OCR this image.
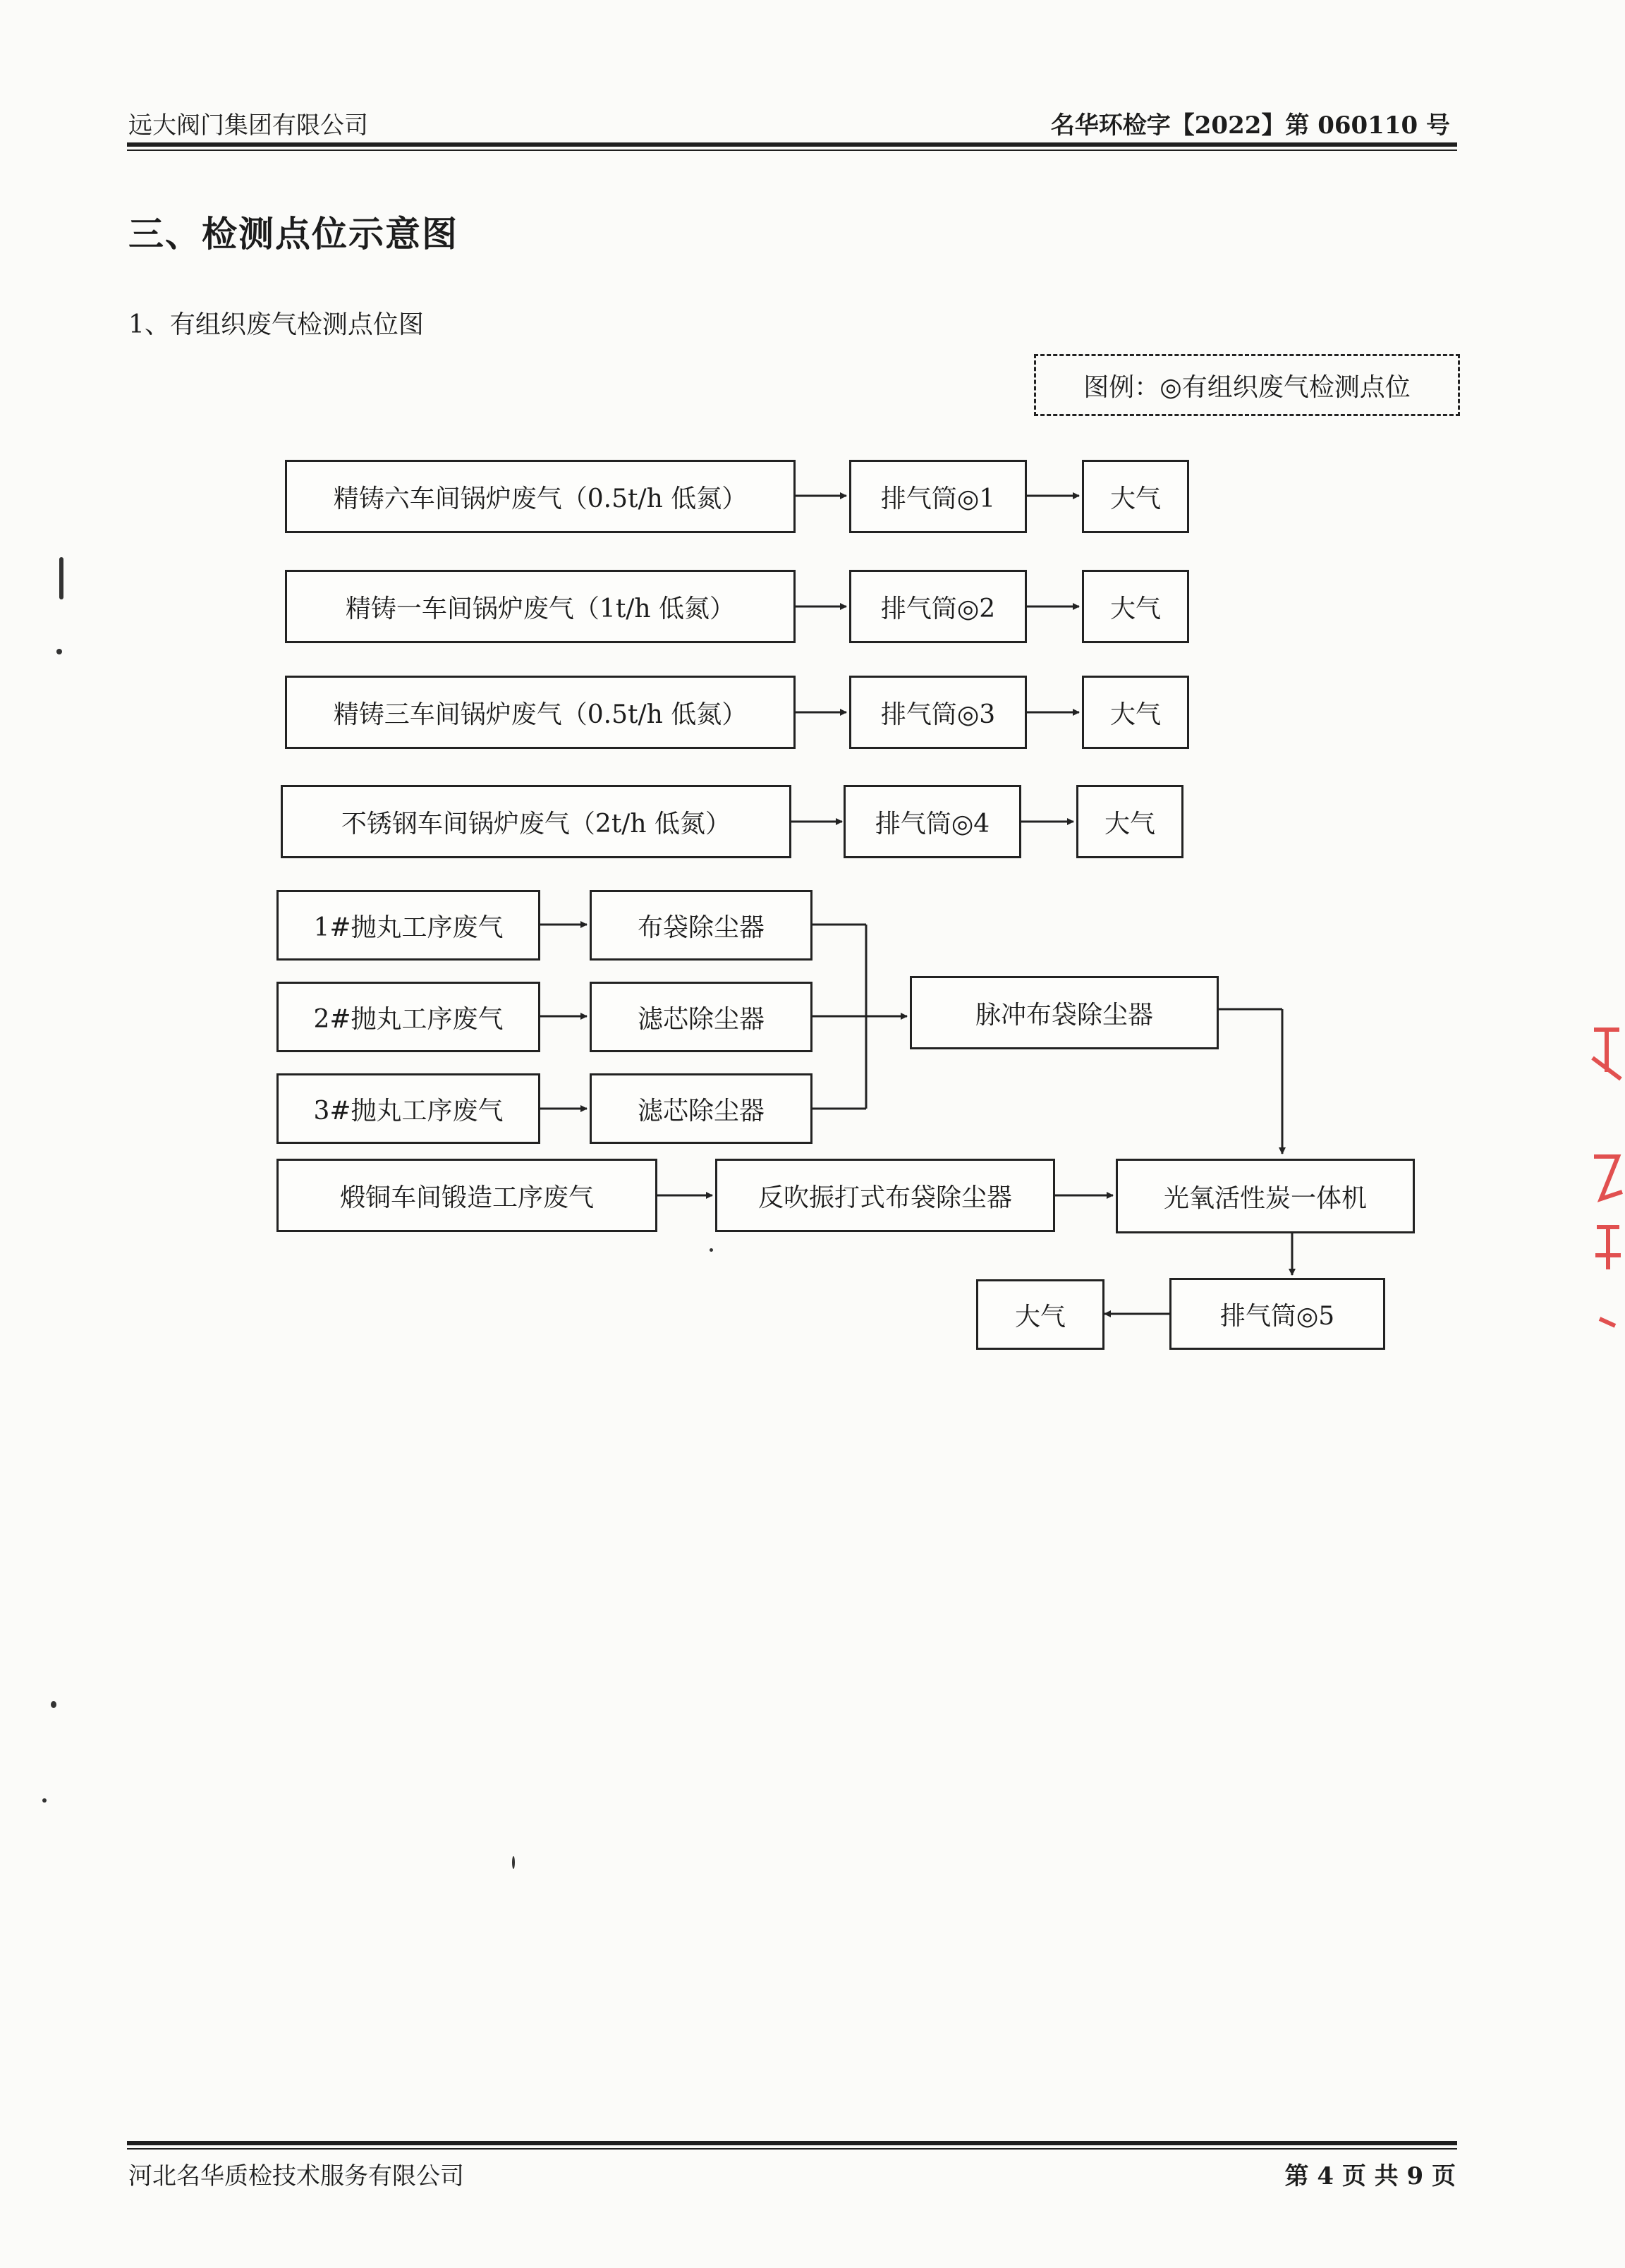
远大阀门集团有限公司	名华环检字【2022】第 060110 号
三、检测点位示意图
1、有组织废气检测点位图
图例：◎有组织废气检测点位
精铸六车间锅炉废气（0.5t/h 低氮）	排气筒◎1	大气
精铸一车间锅炉废气（1t/h 低氮）	排气筒◎2	大气
精铸三车间锅炉废气（0.5t/h 低氮）	排气筒◎3	大气
不锈钢车间锅炉废气（2t/h 低氮）	排气筒◎4	大气
1#抛丸工序废气	布袋除尘器
2#抛丸工序废气	滤芯除尘器
3#抛丸工序废气	滤芯除尘器
脉冲布袋除尘器
煅铜车间锻造工序废气	反吹振打式布袋除尘器	光氧活性炭一体机
排气筒◎5
大气
河北名华质检技术服务有限公司	第 4 页 共 9 页
